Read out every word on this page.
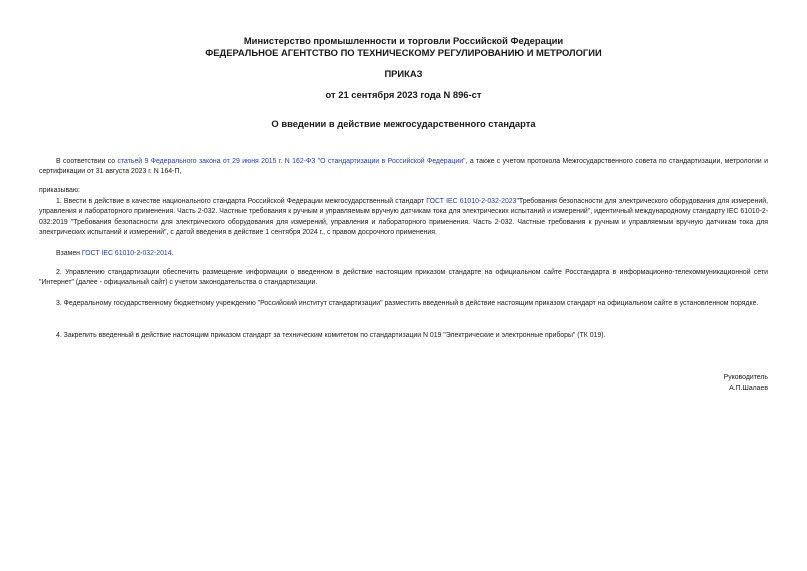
Министерство промышленности и торговли Российской Федерации
ФЕДЕРАЛЬНОЕ АГЕНТСТВО ПО ТЕХНИЧЕСКОМУ РЕГУЛИРОВАНИЮ И МЕТРОЛОГИИ
ПРИКАЗ
от 21 сентября 2023 года N 896-ст
О введении в действие межгосударственного стандарта
В соответствии со статьей 9 Федерального закона от 29 июня 2015 г. N 162-ФЗ "О стандартизации в Российской Федерации", а также с учетом протокола Межгосударственного совета по стандартизации, метрологии и сертификации от 31 августа 2023 г. N 164-П,
приказываю:
1. Ввести в действие в качестве национального стандарта Российской Федерации межгосударственный стандарт ГОСТ IEC 61010-2-032-2023"Требования безопасности для электрического оборудования для измерений, управления и лабораторного применения. Часть 2-032. Частные требования к ручным и управляемым вручную датчикам тока для электрических испытаний и измерений", идентичный международному стандарту IEC 61010-2-032:2019 "Требования безопасности для электрического оборудования для измерений, управления и лабораторного применения. Часть 2-032. Частные требования к ручным и управляемым вручную датчикам тока для электрических испытаний и измерений", с датой введения в действие 1 сентября 2024 г., с правом досрочного применения.
Взамен ГОСТ IEC 61010-2-032-2014.
2. Управлению стандартизации обеспечить размещение информации о введенном в действие настоящим приказом стандарте на официальном сайте Росстандарта в информационно-телекоммуникационной сети "Интернет" (далее - официальный сайт) с учетом законодательства о стандартизации.
3. Федеральному государственному бюджетному учреждению "Российский институт стандартизации" разместить введенный в действие настоящим приказом стандарт на официальном сайте в установленном порядке.
4. Закрепить введенный в действие настоящим приказом стандарт за техническим комитетом по стандартизации N 019 "Электрические и электронные приборы" (ТК 019).
Руководитель
А.П.Шалаев
